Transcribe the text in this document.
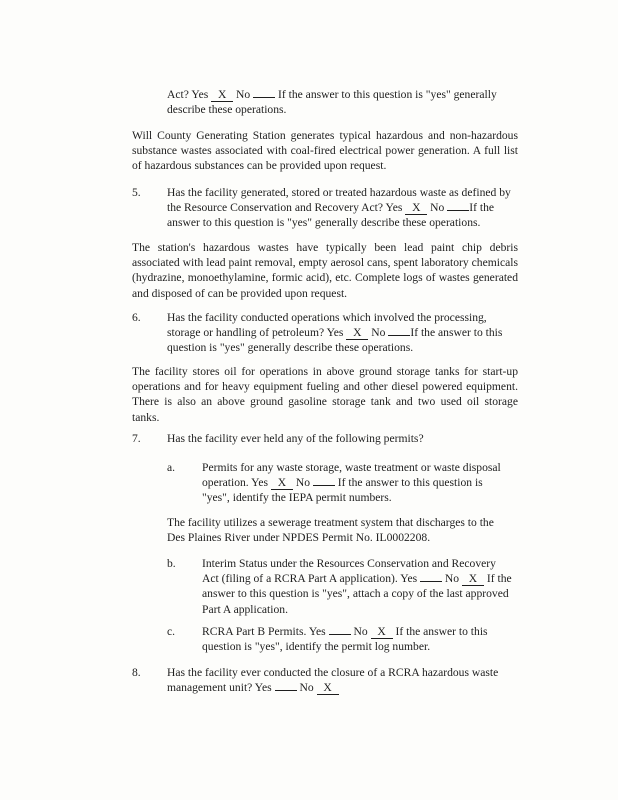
Act? Yes X No  If the answer to this question is "yes" generally describe these operations.

Will County Generating Station generates typical hazardous and non-hazardous substance wastes associated with coal-fired electrical power generation. A full list of hazardous substances can be provided upon request.

5. Has the facility generated, stored or treated hazardous waste as defined by the Resource Conservation and Recovery Act? Yes X No If the answer to this question is "yes" generally describe these operations.

The station's hazardous wastes have typically been lead paint chip debris associated with lead paint removal, empty aerosol cans, spent laboratory chemicals (hydrazine, monoethylamine, formic acid), etc. Complete logs of wastes generated and disposed of can be provided upon request.

6. Has the facility conducted operations which involved the processing, storage or handling of petroleum? Yes X No If the answer to this question is "yes" generally describe these operations.

The facility stores oil for operations in above ground storage tanks for start-up operations and for heavy equipment fueling and other diesel powered equipment. There is also an above ground gasoline storage tank and two used oil storage tanks.

7. Has the facility ever held any of the following permits?

a. Permits for any waste storage, waste treatment or waste disposal operation. Yes X No  If the answer to this question is "yes", identify the IEPA permit numbers.

The facility utilizes a sewerage treatment system that discharges to the Des Plaines River under NPDES Permit No. IL0002208.

b. Interim Status under the Resources Conservation and Recovery Act (filing of a RCRA Part A application). Yes  No X If the answer to this question is "yes", attach a copy of the last approved Part A application.

c. RCRA Part B Permits. Yes  No X If the answer to this question is "yes", identify the permit log number.

8. Has the facility ever conducted the closure of a RCRA hazardous waste management unit? Yes  No X
